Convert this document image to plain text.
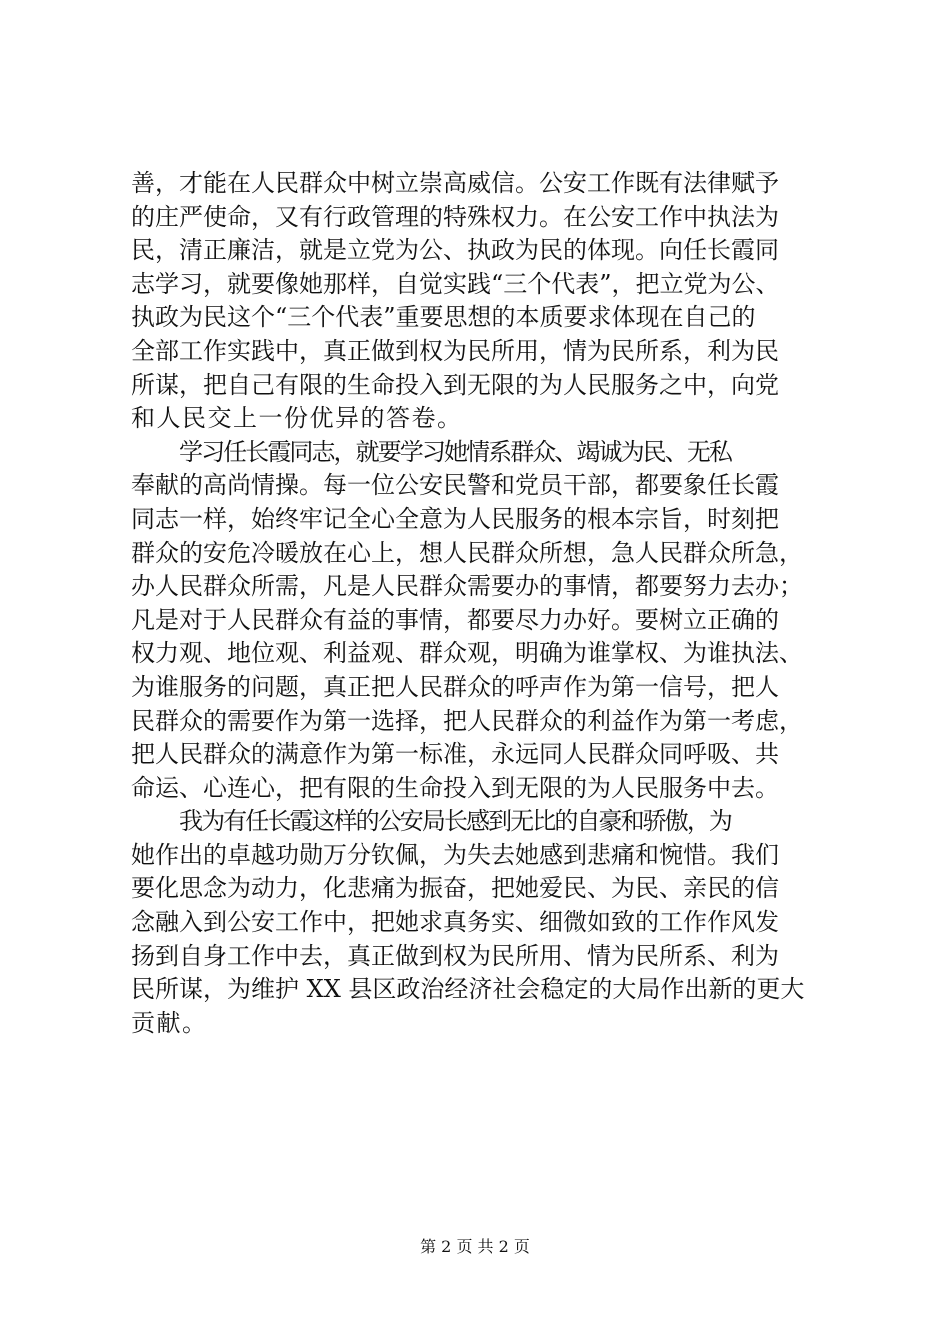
善，才能在人民群众中树立崇高威信。公安工作既有法律赋予
的庄严使命，又有行政管理的特殊权力。在公安工作中执法为
民，清正廉洁，就是立党为公、执政为民的体现。向任长霞同
志学习，就要像她那样，自觉实践“三个代表”，把立党为公、
执政为民这个“三个代表”重要思想的本质要求体现在自己的
全部工作实践中，真正做到权为民所用，情为民所系，利为民
所谋，把自己有限的生命投入到无限的为人民服务之中，向党
和人民交上一份优异的答卷。
学习任长霞同志，就要学习她情系群众、竭诚为民、无私
奉献的高尚情操。每一位公安民警和党员干部，都要象任长霞
同志一样，始终牢记全心全意为人民服务的根本宗旨，时刻把
群众的安危冷暖放在心上，想人民群众所想，急人民群众所急，
办人民群众所需，凡是人民群众需要办的事情，都要努力去办；
凡是对于人民群众有益的事情，都要尽力办好。要树立正确的
权力观、地位观、利益观、群众观，明确为谁掌权、为谁执法、
为谁服务的问题，真正把人民群众的呼声作为第一信号，把人
民群众的需要作为第一选择，把人民群众的利益作为第一考虑，
把人民群众的满意作为第一标准，永远同人民群众同呼吸、共
命运、心连心，把有限的生命投入到无限的为人民服务中去。
我为有任长霞这样的公安局长感到无比的自豪和骄傲，为
她作出的卓越功勋万分钦佩，为失去她感到悲痛和惋惜。我们
要化思念为动力，化悲痛为振奋，把她爱民、为民、亲民的信
念融入到公安工作中，把她求真务实、细微如致的工作作风发
扬到自身工作中去，真正做到权为民所用、情为民所系、利为
民所谋，为维护 XX 县区政治经济社会稳定的大局作出新的更大
贡献。
第 2 页 共 2 页
